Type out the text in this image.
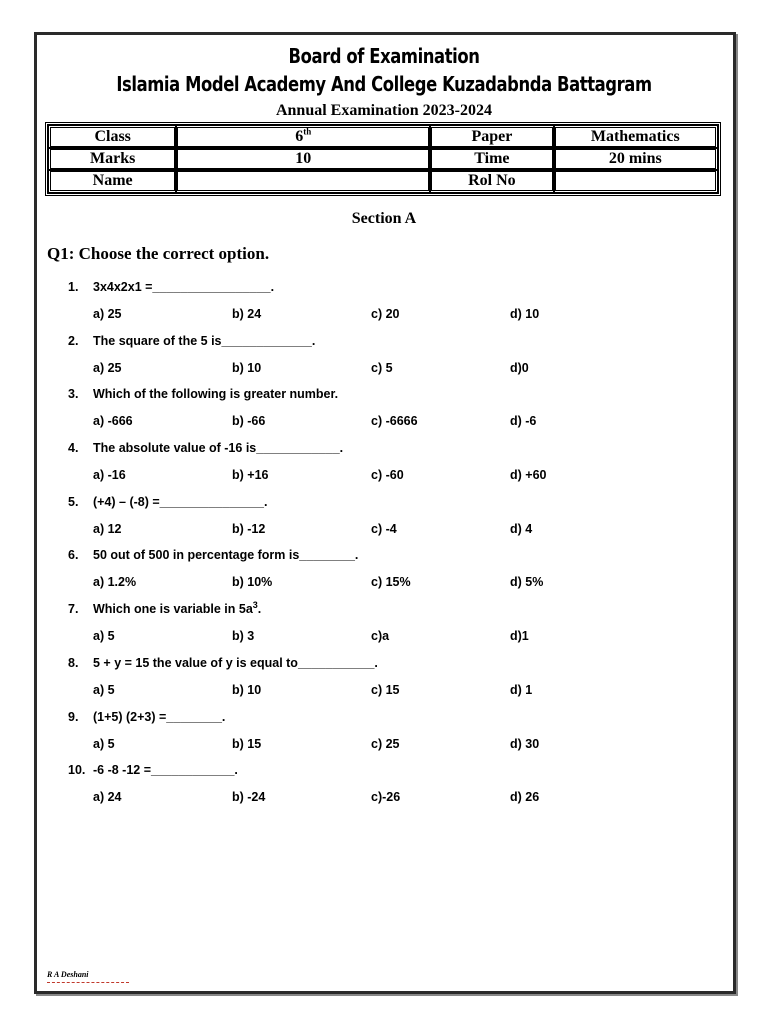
Board of Examination
Islamia Model Academy And College Kuzadabnda Battagram
Annual Examination 2023-2024
Class	6th	Paper	Mathematics
Marks	10	Time	20 mins
Name		Rol No	
Section A
Q1: Choose the correct option.
1. 3x4x2x1 =_________________.
a) 25	b) 24	c) 20	d) 10
2. The square of the 5 is_____________.
a) 25	b) 10	c) 5	d)0
3. Which of the following is greater number.
a) -666	b) -66	c) -6666	d) -6
4. The absolute value of -16 is____________.
a) -16	b) +16	c) -60	d) +60
5. (+4) – (-8) =_______________.
a) 12	b) -12	c) -4	d) 4
6. 50 out of 500 in percentage form is________.
a) 1.2%	b) 10%	c) 15%	d) 5%
7. Which one is variable in $5a^3$.
a) 5	b) 3	c)a	d)1
8. 5 + y = 15 the value of y is equal to___________.
a) 5	b) 10	c) 15	d) 1
9. (1+5) (2+3) =________.
a) 5	b) 15	c) 25	d) 30
10. -6 -8 -12 =____________.
a) 24	b) -24	c)-26	d) 26
R A Deshani
